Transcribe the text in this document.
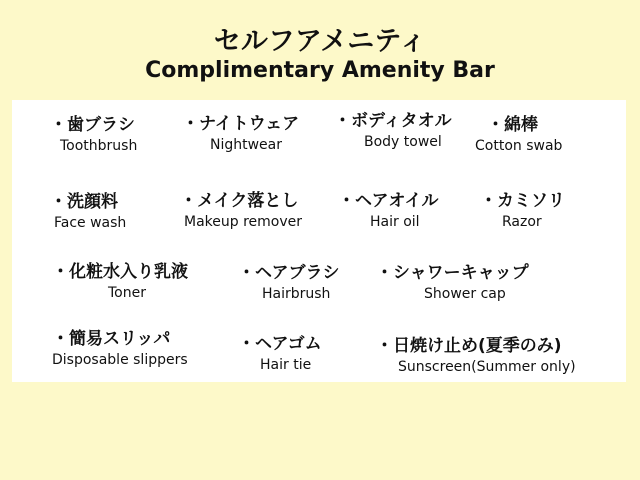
セルフアメニティ
Complimentary Amenity Bar
・歯ブラシ
Toothbrush
・ナイトウェア
Nightwear
・ボディタオル
Body towel
・綿棒
Cotton swab
・洗顔料
Face wash
・メイク落とし
Makeup remover
・ヘアオイル
Hair oil
・カミソリ
Razor
・化粧水入り乳液
Toner
・ヘアブラシ
Hairbrush
・シャワーキャップ
Shower cap
・簡易スリッパ
Disposable slippers
・ヘアゴム
Hair tie
・日焼け止め(夏季のみ)
Sunscreen(Summer only)
